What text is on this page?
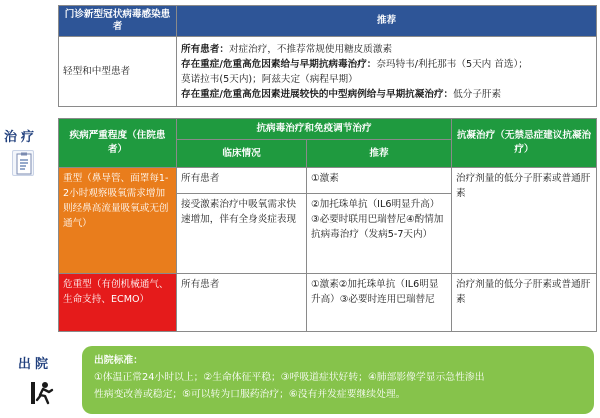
治疗
出院
门诊新型冠状病毒感染患者	推荐
轻型和中型患者	所有患者：对症治疗，不推荐常规使用糖皮质激素
存在重症/危重高危因素给与早期抗病毒治疗：奈玛特韦/利托那韦（5天内 首选）；
莫诺拉韦(5天内)；阿兹夫定（病程早期）
存在重症/危重高危因素进展较快的中型病例给与早期抗凝治疗：低分子肝素
疾病严重程度（住院患者）	抗病毒治疗和免疫调节治疗		抗凝治疗（无禁忌症建议抗凝治疗）
	临床情况	推荐	
重型（鼻导管、面罩每1-2小时观察吸氧需求增加则经鼻高流量吸氧或无创通气）	所有患者	①激素	治疗剂量的低分子肝素或普通肝素
	接受激素治疗中吸氧需求快速增加，伴有全身炎症表现	②加托珠单抗（IL6明显升高）③必要时联用巴瑞替尼④酌情加抗病毒治疗（发病5-7天内）	
危重型（有创机械通气、生命支持、ECMO）	所有患者	①激素②加托珠单抗（IL6明显升高）③必要时连用巴瑞替尼	治疗剂量的低分子肝素或普通肝素
出院标准：
①体温正常24小时以上；②生命体征平稳；③呼吸道症状好转；④肺部影像学显示急性渗出
性病变改善或稳定；⑤可以转为口服药治疗；⑥没有并发症要继续处理。
